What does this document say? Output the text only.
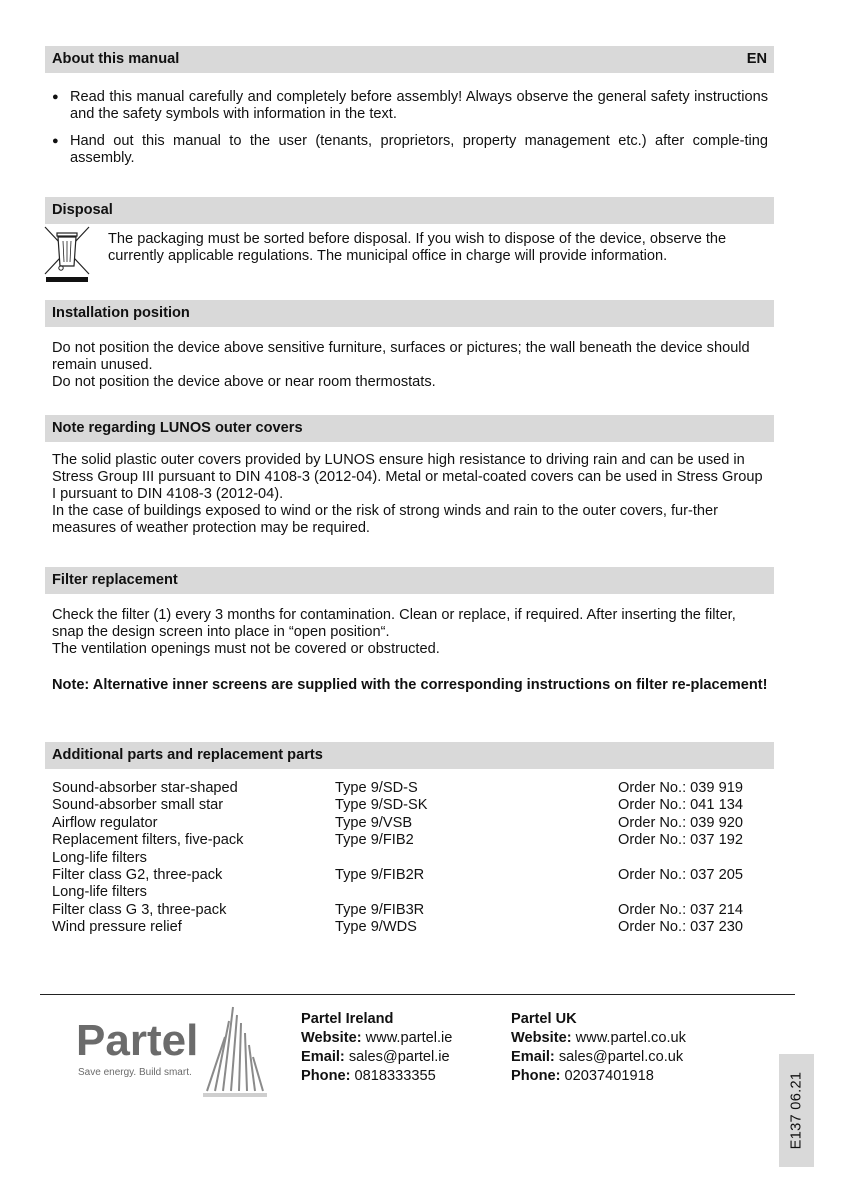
About this manual	EN
● Read this manual carefully and completely before assembly! Always observe the general safety instructions and the safety symbols with information in the text.
● Hand out this manual to the user (tenants, proprietors, property management etc.) after comple-ting assembly.
Disposal
The packaging must be sorted before disposal. If you wish to dispose of the device, observe the currently applicable regulations. The municipal office in charge will provide information.
Installation position
Do not position the device above sensitive furniture, surfaces or pictures; the wall beneath the device should remain unused.
Do not position the device above or near room thermostats.
Note regarding LUNOS outer covers
The solid plastic outer covers provided by LUNOS ensure high resistance to driving rain and can be used in Stress Group III pursuant to DIN 4108-3 (2012-04). Metal or metal-coated covers can be used in Stress Group I pursuant to DIN 4108-3 (2012-04).
In the case of buildings exposed to wind or the risk of strong winds and rain to the outer covers, fur-ther measures of weather protection may be required.
Filter replacement
Check the filter (1) every 3 months for contamination. Clean or replace, if required. After inserting the filter, snap the design screen into place in “open position“.
The ventilation openings must not be covered or obstructed.
Note: Alternative inner screens are supplied with the corresponding instructions on filter re-placement!
Additional parts and replacement parts
Sound-absorber star-shaped	Type 9/SD-S	Order No.: 039 919
Sound-absorber small star	Type 9/SD-SK	Order No.: 041 134
Airflow regulator	Type 9/VSB	Order No.: 039 920
Replacement filters, five-pack	Type 9/FIB2	Order No.: 037 192
Long-life filters		
Filter class G2, three-pack	Type 9/FIB2R	Order No.: 037 205
Long-life filters		
Filter class G 3, three-pack	Type 9/FIB3R	Order No.: 037 214
Wind pressure relief	Type 9/WDS	Order No.: 037 230
Partel
Save energy. Build smart.
Partel Ireland
Website: www.partel.ie
Email: sales@partel.ie
Phone: 0818333355
Partel UK
Website: www.partel.co.uk
Email: sales@partel.co.uk
Phone: 02037401918	E137 06.21
